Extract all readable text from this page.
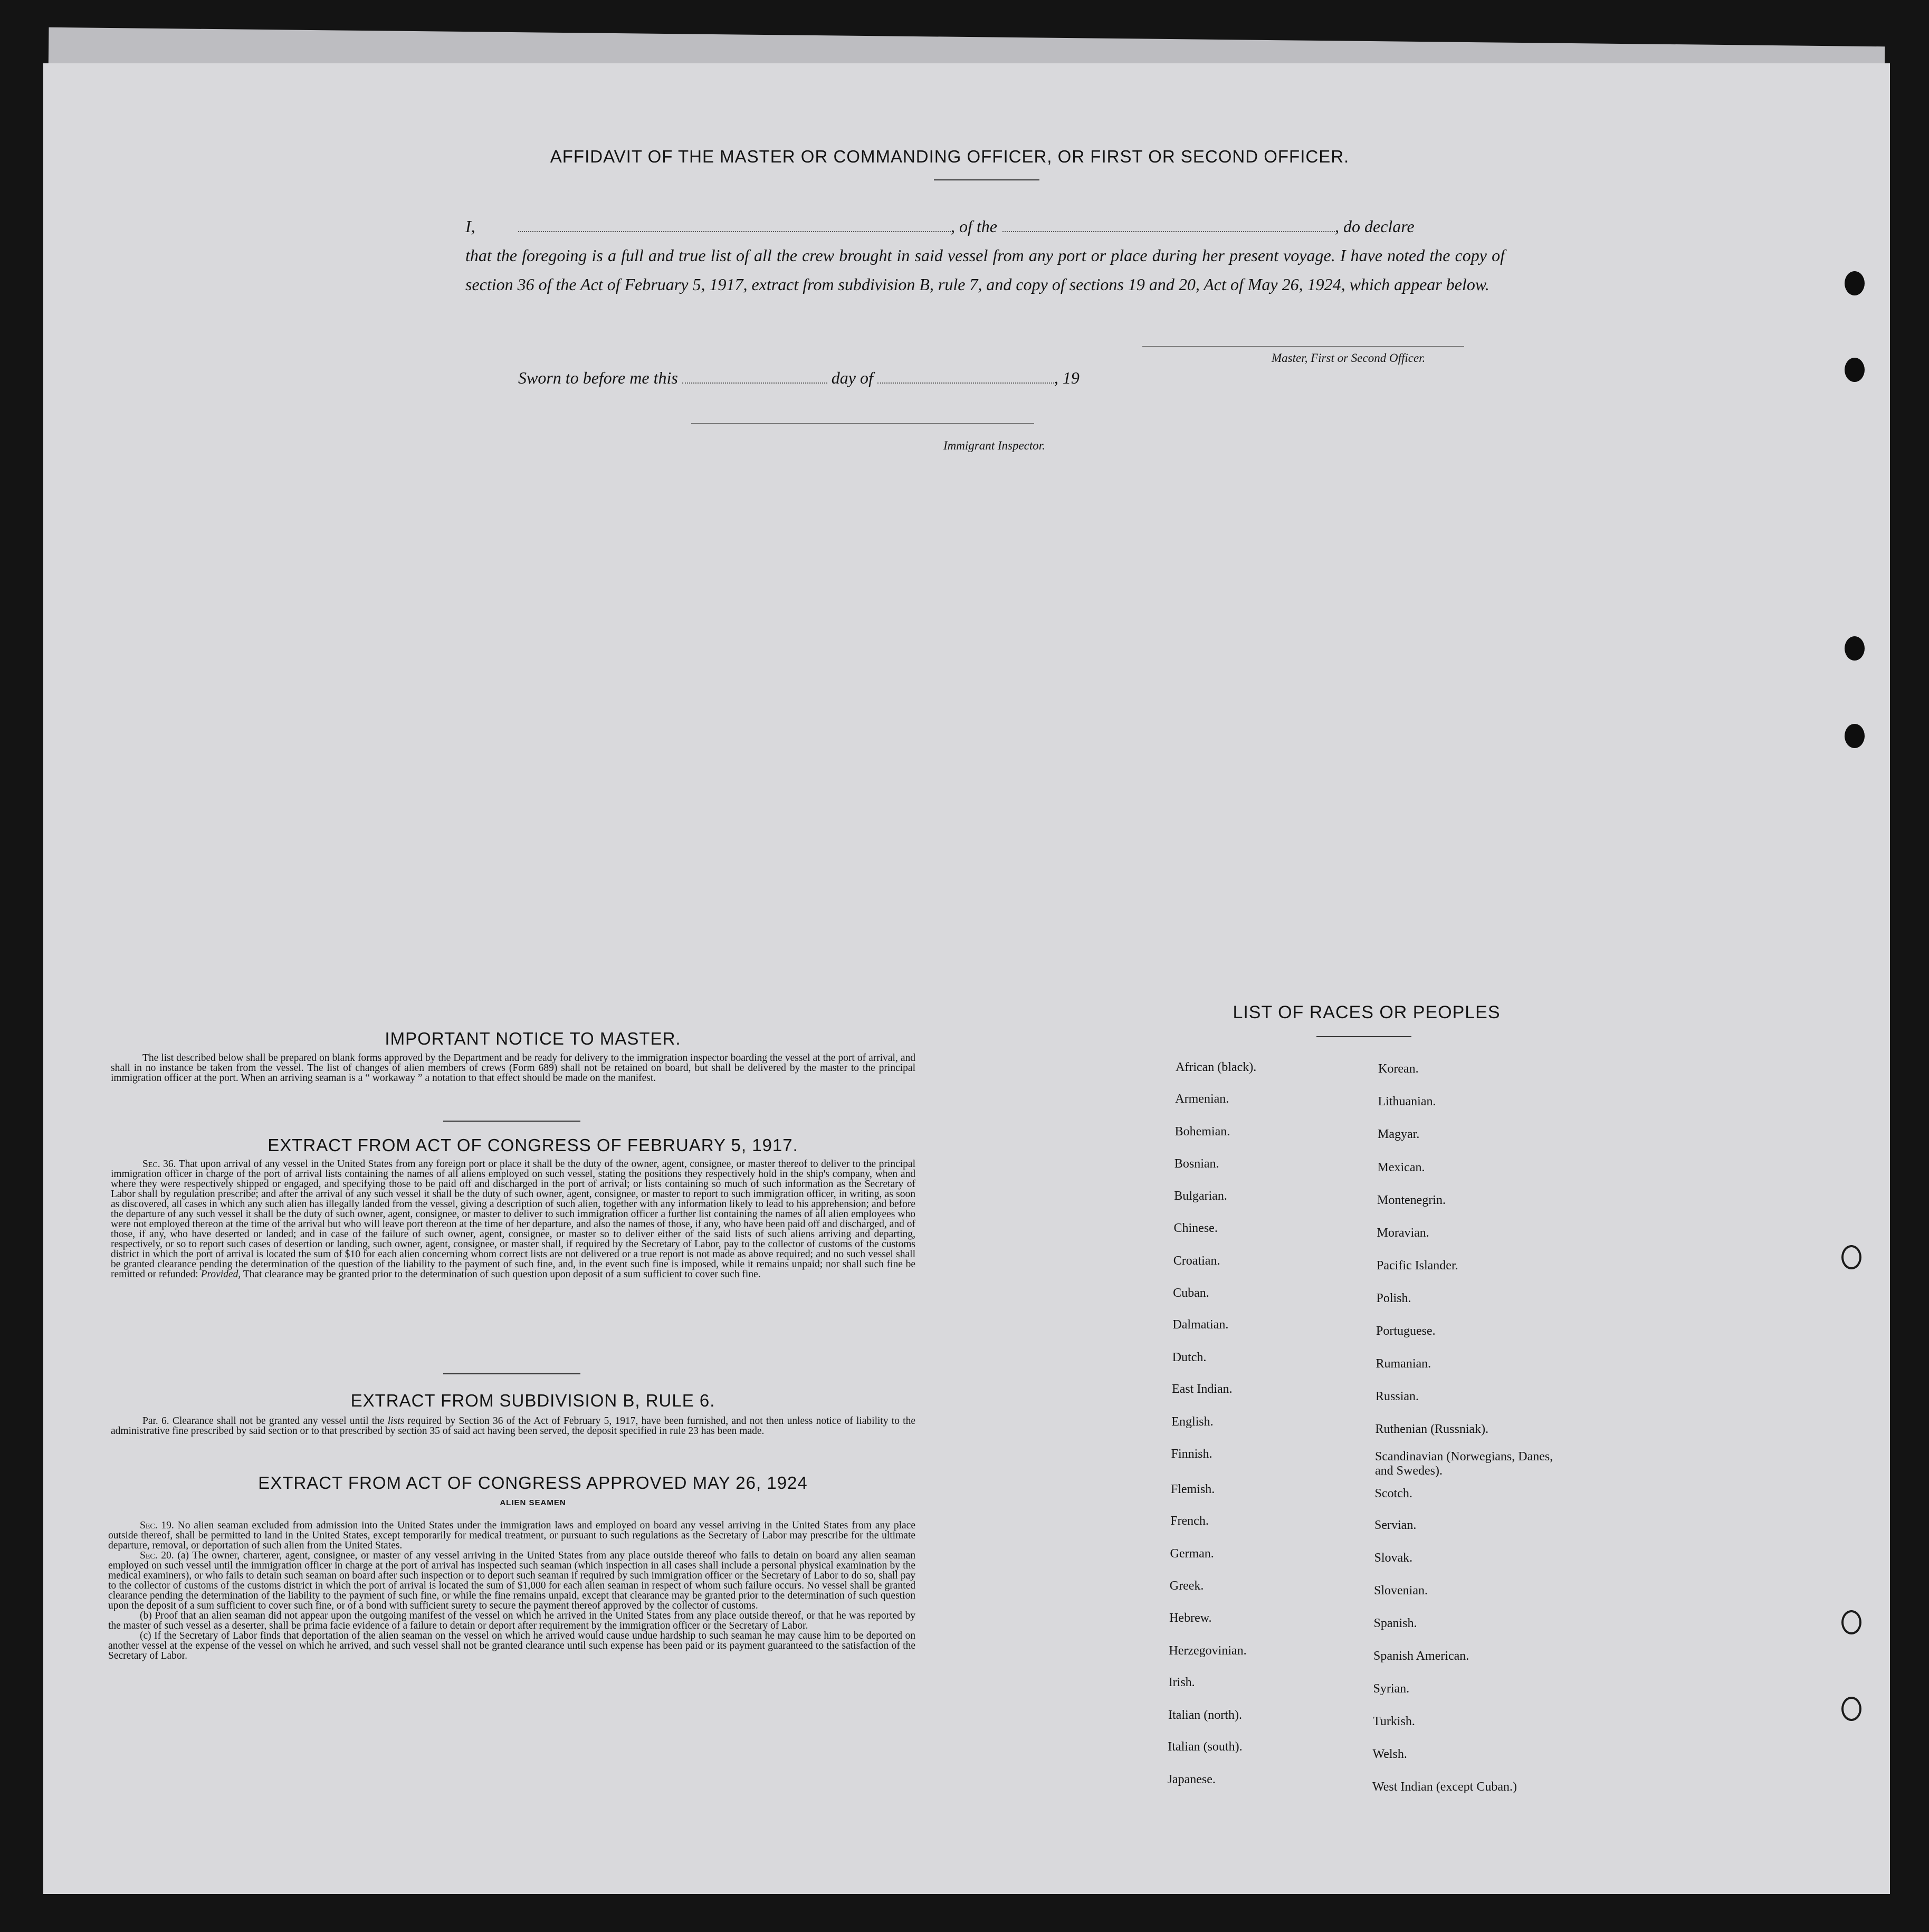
AFFIDAVIT OF THE MASTER OR COMMANDING OFFICER, OR FIRST OR SECOND OFFICER.

I,	, of the	, do declare

that the foregoing is a full and true list of all the crew brought in said vessel from any port or place during her present voyage. I have noted the copy of section 36 of the Act of February 5, 1917, extract from subdivision B, rule 7, and copy of sections 19 and 20, Act of May 26, 1924, which appear below.

Master, First or Second Officer.
Sworn to before me this	day of	, 19
Immigrant Inspector.
IMPORTANT NOTICE TO MASTER.

The list described below shall be prepared on blank forms approved by the Department and be ready for delivery to the immigration inspector boarding the vessel at the port of arrival, and shall in no instance be taken from the vessel. The list of changes of alien members of crews (Form 689) shall not be retained on board, but shall be delivered by the master to the principal immigration officer at the port. When an arriving seaman is a “ workaway ” a notation to that effect should be made on the manifest.

EXTRACT FROM ACT OF CONGRESS OF FEBRUARY 5, 1917.

Sec. 36. That upon arrival of any vessel in the United States from any foreign port or place it shall be the duty of the owner, agent, consignee, or master thereof to deliver to the principal immigration officer in charge of the port of arrival lists containing the names of all aliens employed on such vessel, stating the positions they respectively hold in the ship's company, when and where they were respectively shipped or engaged, and specifying those to be paid off and discharged in the port of arrival; or lists containing so much of such information as the Secretary of Labor shall by regulation prescribe; and after the arrival of any such vessel it shall be the duty of such owner, agent, consignee, or master to report to such immigration officer, in writing, as soon as discovered, all cases in which any such alien has illegally landed from the vessel, giving a description of such alien, together with any information likely to lead to his apprehension; and before the departure of any such vessel it shall be the duty of such owner, agent, consignee, or master to deliver to such immigration officer a further list containing the names of all alien employees who were not employed thereon at the time of the arrival but who will leave port thereon at the time of her departure, and also the names of those, if any, who have been paid off and discharged, and of those, if any, who have deserted or landed; and in case of the failure of such owner, agent, consignee, or master so to deliver either of the said lists of such aliens arriving and departing, respectively, or so to report such cases of desertion or landing, such owner, agent, consignee, or master shall, if required by the Secretary of Labor, pay to the collector of customs of the customs district in which the port of arrival is located the sum of $10 for each alien concerning whom correct lists are not delivered or a true report is not made as above required; and no such vessel shall be granted clearance pending the determination of the question of the liability to the payment of such fine, and, in the event such fine is imposed, while it remains unpaid; nor shall such fine be remitted or refunded: Provided, That clearance may be granted prior to the determination of such question upon deposit of a sum sufficient to cover such fine.

EXTRACT FROM SUBDIVISION B, RULE 6.

Par. 6. Clearance shall not be granted any vessel until the lists required by Section 36 of the Act of February 5, 1917, have been furnished, and not then unless notice of liability to the administrative fine prescribed by said section or to that prescribed by section 35 of said act having been served, the deposit specified in rule 23 has been made.

EXTRACT FROM ACT OF CONGRESS APPROVED MAY 26, 1924
ALIEN SEAMEN

Sec. 19. No alien seaman excluded from admission into the United States under the immigration laws and employed on board any vessel arriving in the United States from any place outside thereof, shall be permitted to land in the United States, except temporarily for medical treatment, or pursuant to such regulations as the Secretary of Labor may prescribe for the ultimate departure, removal, or deportation of such alien from the United States.

Sec. 20. (a) The owner, charterer, agent, consignee, or master of any vessel arriving in the United States from any place outside thereof who fails to detain on board any alien seaman employed on such vessel until the immigration officer in charge at the port of arrival has inspected such seaman (which inspection in all cases shall include a personal physical examination by the medical examiners), or who fails to detain such seaman on board after such inspection or to deport such seaman if required by such immigration officer or the Secretary of Labor to do so, shall pay to the collector of customs of the customs district in which the port of arrival is located the sum of $1,000 for each alien seaman in respect of whom such failure occurs. No vessel shall be granted clearance pending the determination of the liability to the payment of such fine, or while the fine remains unpaid, except that clearance may be granted prior to the determination of such question upon the deposit of a sum sufficient to cover such fine, or of a bond with sufficient surety to secure the payment thereof approved by the collector of customs.

(b) Proof that an alien seaman did not appear upon the outgoing manifest of the vessel on which he arrived in the United States from any place outside thereof, or that he was reported by the master of such vessel as a deserter, shall be prima facie evidence of a failure to detain or deport after requirement by the immigration officer or the Secretary of Labor.

(c) If the Secretary of Labor finds that deportation of the alien seaman on the vessel on which he arrived would cause undue hardship to such seaman he may cause him to be deported on another vessel at the expense of the vessel on which he arrived, and such vessel shall not be granted clearance until such expense has been paid or its payment guaranteed to the satisfaction of the Secretary of Labor.

LIST OF RACES OR PEOPLES
African (black).
Armenian.
Bohemian.
Bosnian.
Bulgarian.
Chinese.
Croatian.
Cuban.
Dalmatian.
Dutch.
East Indian.
English.
Finnish.
Flemish.
French.
German.
Greek.
Hebrew.
Herzegovinian.
Irish.
Italian (north).
Italian (south).
Japanese.
Korean.
Lithuanian.
Magyar.
Mexican.
Montenegrin.
Moravian.
Pacific Islander.
Polish.
Portuguese.
Rumanian.
Russian.
Ruthenian (Russniak).
Scandinavian (Norwegians, Danes, and Swedes).
Scotch.
Servian.
Slovak.
Slovenian.
Spanish.
Spanish American.
Syrian.
Turkish.
Welsh.
West Indian (except Cuban.)
